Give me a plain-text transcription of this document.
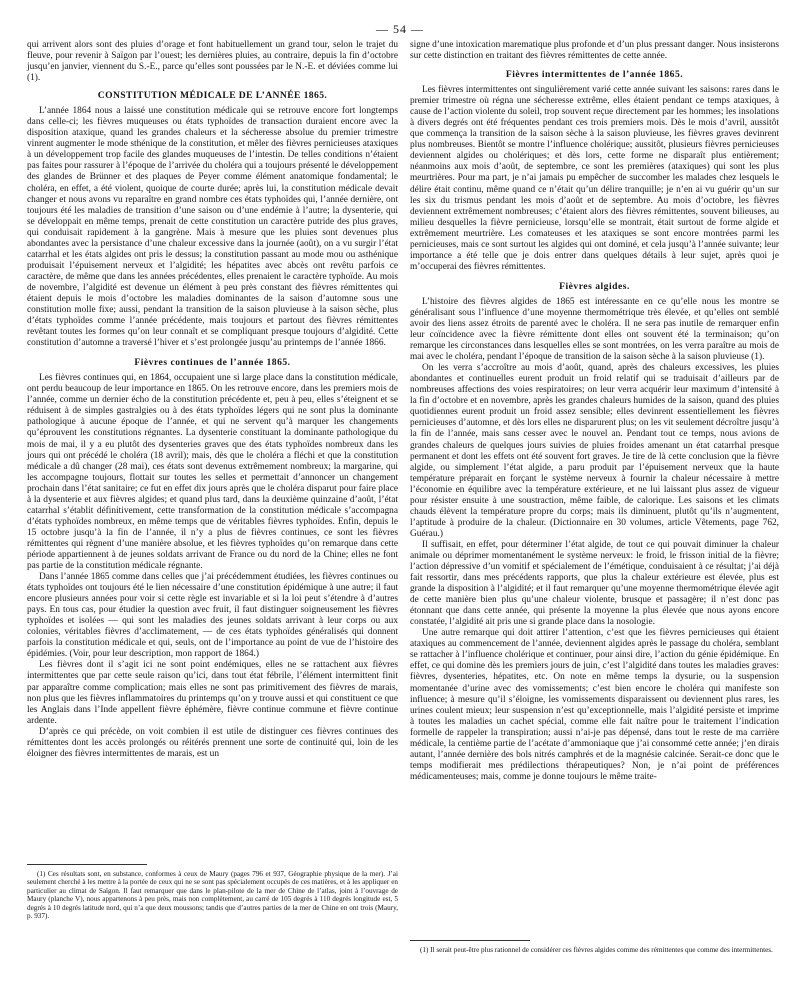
— 54 —

qui arrivent alors sont des pluies d’orage et font habituellement un grand tour, selon le trajet du fleuve, pour revenir à Saïgon par l’ouest; les dernières pluies, au contraire, depuis la fin d’octobre jusqu’en janvier, viennent du S.-E., parce qu’elles sont poussées par le N.-E. et déviées comme lui (1).

CONSTITUTION MÉDICALE DE L’ANNÉE 1865.

L’année 1864 nous a laissé une constitution médicale qui se retrouve encore fort longtemps dans celle-ci; les fièvres muqueuses ou états typhoïdes de transaction duraient encore avec la disposition ataxique, quand les grandes chaleurs et la sécheresse absolue du premier trimestre vinrent augmenter le mode sthénique de la constitution, et mêler des fièvres pernicieuses ataxiques à un développement trop facile des glandes muqueuses de l’intestin. De telles conditions n’étaient pas faites pour rassurer à l’époque de l’arrivée du choléra qui a toujours présenté le développement des glandes de Brünner et des plaques de Peyer comme élément anatomique fondamental; le choléra, en effet, a été violent, quoique de courte durée; après lui, la constitution médicale devait changer et nous avons vu reparaître en grand nombre ces états typhoïdes qui, l’année dernière, ont toujours été les maladies de transition d’une saison ou d’une endémie à l’autre; la dysenterie, qui se développait en même temps, prenait de cette constitution un caractère putride des plus graves, qui conduisait rapidement à la gangrène. Mais à mesure que les pluies sont devenues plus abondantes avec la persistance d’une chaleur excessive dans la journée (août), on a vu surgir l’état catarrhal et les états algides ont pris le dessus; la constitution passant au mode mou ou asthénique produisait l’épuisement nerveux et l’algidité; les hépatites avec abcès ont revêtu parfois ce caractère, de même que dans les années précédentes, elles prenaient le caractère typhoïde. Au mois de novembre, l’algidité est devenue un élément à peu près constant des fièvres rémittentes qui étaient depuis le mois d’octobre les maladies dominantes de la saison d’automne sous une constitution molle fixe; aussi, pendant la transition de la saison pluvieuse à la saison sèche, plus d’états typhoïdes comme l’année précédente, mais toujours et partout des fièvres rémittentes revêtant toutes les formes qu’on leur connaît et se compliquant presque toujours d’algidité. Cette constitution d’automne a traversé l’hiver et s’est prolongée jusqu’au printemps de l’année 1866.

Fièvres continues de l’année 1865.

Les fièvres continues qui, en 1864, occupaient une si large place dans la constitution médicale, ont perdu beaucoup de leur importance en 1865. On les retrouve encore, dans les premiers mois de l’année, comme un dernier écho de la constitution précédente et, peu à peu, elles s’éteignent et se réduisent à de simples gastralgies ou à des états typhoïdes légers qui ne sont plus la dominante pathologique à aucune époque de l’année, et qui ne servent qu’à marquer les changements qu’éprouvent les constitutions régnantes. La dysenterie constituant la dominante pathologique du mois de mai, il y a eu plutôt des dysenteries graves que des états typhoïdes nombreux dans les jours qui ont précédé le choléra (18 avril); mais, dès que le choléra a fléchi et que la constitution médicale a dû changer (28 mai), ces états sont devenus extrêmement nombreux; la margarine, qui les accompagne toujours, flottait sur toutes les selles et permettait d’annoncer un changement prochain dans l’état sanitaire; ce fut en effet dix jours après que le choléra disparut pour faire place à la dysenterie et aux fièvres algides; et quand plus tard, dans la deuxième quinzaine d’août, l’état catarrhal s’établit définitivement, cette transformation de la constitution médicale s’accompagna d’états typhoïdes nombreux, en même temps que de véritables fièvres typhoïdes. Enfin, depuis le 15 octobre jusqu’à la fin de l’année, il n’y a plus de fièvres continues, ce sont les fièvres rémittentes qui règnent d’une manière absolue, et les fièvres typhoïdes qu’on remarque dans cette période appartiennent à de jeunes soldats arrivant de France ou du nord de la Chine; elles ne font pas partie de la constitution médicale régnante.

Dans l’année 1865 comme dans celles que j’ai précédemment étudiées, les fièvres continues ou états typhoïdes ont toujours été le lien nécessaire d’une constitution épidémique à une autre; il faut encore plusieurs années pour voir si cette règle est invariable et si la loi peut s’étendre à d’autres pays. En tous cas, pour étudier la question avec fruit, il faut distinguer soigneusement les fièvres typhoïdes et isolées — qui sont les maladies des jeunes soldats arrivant à leur corps ou aux colonies, véritables fièvres d’acclimatement, — de ces états typhoïdes généralisés qui donnent parfois la constitution médicale et qui, seuls, ont de l’importance au point de vue de l’histoire des épidémies. (Voir, pour leur description, mon rapport de 1864.)

Les fièvres dont il s’agit ici ne sont point endémiques, elles ne se rattachent aux fièvres intermittentes que par cette seule raison qu’ici, dans tout état fébrile, l’élément intermittent finit par apparaître comme complication; mais elles ne sont pas primitivement des fièvres de marais, non plus que les fièvres inflammatoires du printemps qu’on y trouve aussi et qui constituent ce que les Anglais dans l’Inde appellent fièvre éphémère, fièvre continue commune et fièvre continue ardente.

D’après ce qui précède, on voit combien il est utile de distinguer ces fièvres continues des rémittentes dont les accès prolongés ou réitérés prennent une sorte de continuité qui, loin de les éloigner des fièvres intermittentes de marais, est un

(1) Ces résultats sont, en substance, conformes à ceux de Maury (pages 796 et 937, Géographie physique de la mer). J’ai seulement cherché à les mettre à la portée de ceux qui ne se sont pas spécialement occupés de ces matières, et à les appliquer en particulier au climat de Saïgon. Il faut remarquer que dans le plan-pilote de la mer de Chine de l’atlas, joint à l’ouvrage de Maury (planche V), nous appartenons à peu près, mais non complètement, au carré de 105 degrés à 110 degrés longitude est, 5 degrés à 10 degrés latitude nord, qui n’a que deux moussons; tandis que d’autres parties de la mer de Chine en ont trois (Maury, p. 937).

signe d’une intoxication marematique plus profonde et d’un plus pressant danger. Nous insisterons sur cette distinction en traitant des fièvres rémittentes de cette année.

Fièvres intermittentes de l’année 1865.

Les fièvres intermittentes ont singulièrement varié cette année suivant les saisons: rares dans le premier trimestre où régna une sécheresse extrême, elles étaient pendant ce temps ataxiques, à cause de l’action violente du soleil, trop souvent reçue directement par les hommes; les insolations à divers degrés ont été fréquentes pendant ces trois premiers mois. Dès le mois d’avril, aussitôt que commença la transition de la saison sèche à la saison pluvieuse, les fièvres graves devinrent plus nombreuses. Bientôt se montre l’influence cholérique; aussitôt, plusieurs fièvres pernicieuses deviennent algides ou cholériques; et dès lors, cette forme ne disparaît plus entièrement; néanmoins aux mois d’août, de septembre, ce sont les premières (ataxiques) qui sont les plus meurtrières. Pour ma part, je n’ai jamais pu empêcher de succomber les malades chez lesquels le délire était continu, même quand ce n’était qu’un délire tranquille; je n’en ai vu guérir qu’un sur les six du trismus pendant les mois d’août et de septembre. Au mois d’octobre, les fièvres deviennent extrêmement nombreuses; c’étaient alors des fièvres rémittentes, souvent bilieuses, au milieu desquelles la fièvre pernicieuse, lorsqu’elle se montrait, était surtout de forme algide et extrêmement meurtrière. Les comateuses et les ataxiques se sont encore montrées parmi les pernicieuses, mais ce sont surtout les algides qui ont dominé, et cela jusqu’à l’année suivante; leur importance a été telle que je dois entrer dans quelques détails à leur sujet, après quoi je m’occuperai des fièvres rémittentes.

Fièvres algides.

L’histoire des fièvres algides de 1865 est intéressante en ce qu’elle nous les montre se généralisant sous l’influence d’une moyenne thermométrique très élevée, et qu’elles ont semblé avoir des liens assez étroits de parenté avec le choléra. Il ne sera pas inutile de remarquer enfin leur coïncidence avec la fièvre rémittente dont elles ont souvent été la terminaison; qu’on remarque les circonstances dans lesquelles elles se sont montrées, on les verra paraître au mois de mai avec le choléra, pendant l’époque de transition de la saison sèche à la saison pluvieuse (1).

On les verra s’accroître au mois d’août, quand, après des chaleurs excessives, les pluies abondantes et continuelles eurent produit un froid relatif qui se traduisait d’ailleurs par de nombreuses affections des voies respiratoires; on leur verra acquérir leur maximum d’intensité à la fin d’octobre et en novembre, après les grandes chaleurs humides de la saison, quand des pluies quotidiennes eurent produit un froid assez sensible; elles devinrent essentiellement les fièvres pernicieuses d’automne, et dès lors elles ne disparurent plus; on les vit seulement décroître jusqu’à la fin de l’année, mais sans cesser avec le nouvel an. Pendant tout ce temps, nous avions de grandes chaleurs de quelques jours suivies de pluies froides amenant un état catarrhal presque permanent et dont les effets ont été souvent fort graves. Je tire de là cette conclusion que la fièvre algide, ou simplement l’état algide, a paru produit par l’épuisement nerveux que la haute température préparait en forçant le système nerveux à fournir la chaleur nécessaire à mettre l’économie en équilibre avec la température extérieure, et ne lui laissant plus assez de vigueur pour résister ensuite à une soustraction, même faible, de calorique. Les saisons et les climats chauds élèvent la température propre du corps; mais ils diminuent, plutôt qu’ils n’augmentent, l’aptitude à produire de la chaleur. (Dictionnaire en 30 volumes, article Vêtements, page 762, Guérau.)

Il suffisait, en effet, pour déterminer l’état algide, de tout ce qui pouvait diminuer la chaleur animale ou déprimer momentanément le système nerveux: le froid, le frisson initial de la fièvre; l’action dépressive d’un vomitif et spécialement de l’émétique, conduisaient à ce résultat; j’ai déjà fait ressortir, dans mes précédents rapports, que plus la chaleur extérieure est élevée, plus est grande la disposition à l’algidité; et il faut remarquer qu’une moyenne thermométrique élevée agit de cette manière bien plus qu’une chaleur violente, brusque et passagère; il n’est donc pas étonnant que dans cette année, qui présente la moyenne la plus élevée que nous ayons encore constatée, l’algidité ait pris une si grande place dans la nosologie.

Une autre remarque qui doit attirer l’attention, c’est que les fièvres pernicieuses qui étaient ataxiques au commencement de l’année, deviennent algides après le passage du choléra, semblant se rattacher à l’influence cholérique et continuer, pour ainsi dire, l’action du génie épidémique. En effet, ce qui domine dès les premiers jours de juin, c’est l’algidité dans toutes les maladies graves: fièvres, dysenteries, hépatites, etc. On note en même temps la dysurie, ou la suspension momentanée d’urine avec des vomissements; c’est bien encore le choléra qui manifeste son influence; à mesure qu’il s’éloigne, les vomissements disparaissent ou deviennent plus rares, les urines coulent mieux; leur suspension n’est qu’exceptionnelle, mais l’algidité persiste et imprime à toutes les maladies un cachet spécial, comme elle fait naître pour le traitement l’indication formelle de rappeler la transpiration; aussi n’ai-je pas dépensé, dans tout le reste de ma carrière médicale, la centième partie de l’acétate d’ammoniaque que j’ai consommé cette année; j’en dirais autant, l’année dernière des bols nitrés camphrés et de la magnésie calcinée. Serait-ce donc que le temps modifierait mes prédilections thérapeutiques? Non, je n’ai point de préférences médicamenteuses; mais, comme je donne toujours le même traite-

(1) Il serait peut-être plus rationnel de considérer ces fièvres algides comme des rémittentes que comme des intermittentes.
